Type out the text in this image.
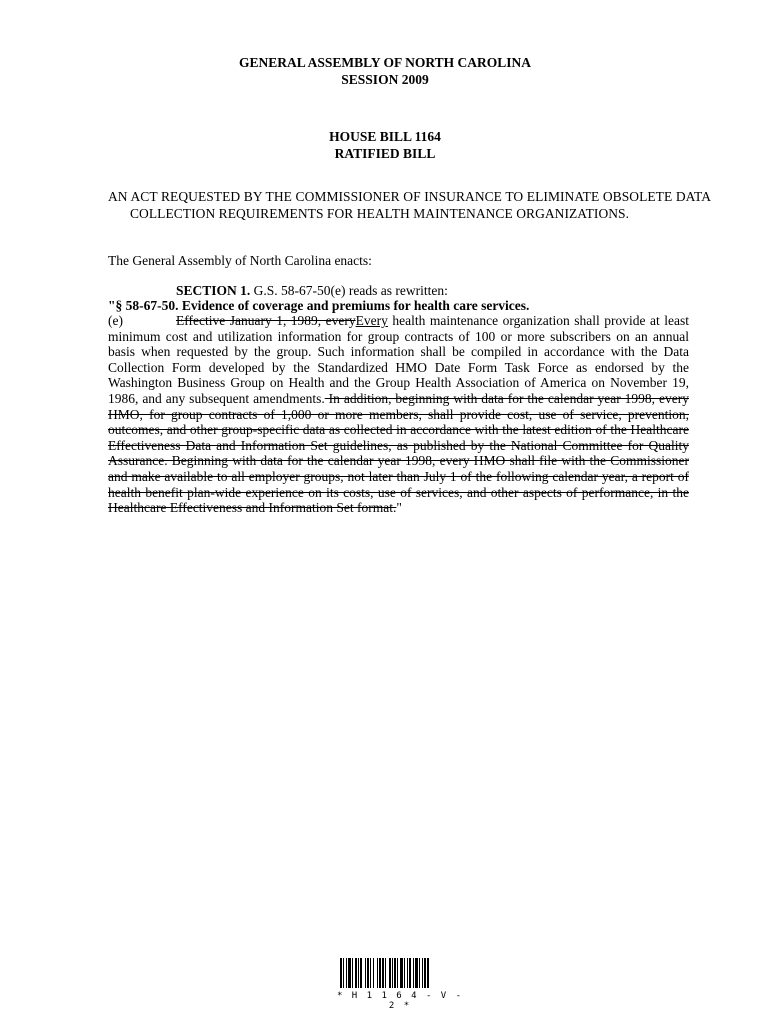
GENERAL ASSEMBLY OF NORTH CAROLINA
SESSION 2009
HOUSE BILL 1164
RATIFIED BILL
AN ACT REQUESTED BY THE COMMISSIONER OF INSURANCE TO ELIMINATE OBSOLETE DATA COLLECTION REQUIREMENTS FOR HEALTH MAINTENANCE ORGANIZATIONS.
The General Assembly of North Carolina enacts:
SECTION 1. G.S. 58-67-50(e) reads as rewritten:
"§ 58-67-50. Evidence of coverage and premiums for health care services.
(e)	Effective January 1, 1989, everyEvery health maintenance organization shall provide at least minimum cost and utilization information for group contracts of 100 or more subscribers on an annual basis when requested by the group. Such information shall be compiled in accordance with the Data Collection Form developed by the Standardized HMO Date Form Task Force as endorsed by the Washington Business Group on Health and the Group Health Association of America on November 19, 1986, and any subsequent amendments. In addition, beginning with data for the calendar year 1998, every HMO, for group contracts of 1,000 or more members, shall provide cost, use of service, prevention, outcomes, and other group-specific data as collected in accordance with the latest edition of the Healthcare Effectiveness Data and Information Set guidelines, as published by the National Committee for Quality Assurance. Beginning with data for the calendar year 1998, every HMO shall file with the Commissioner and make available to all employer groups, not later than July 1 of the following calendar year, a report of health benefit plan-wide experience on its costs, use of services, and other aspects of performance, in the Healthcare Effectiveness and Information Set format."
* H 1 1 6 4 - V - 2 *
